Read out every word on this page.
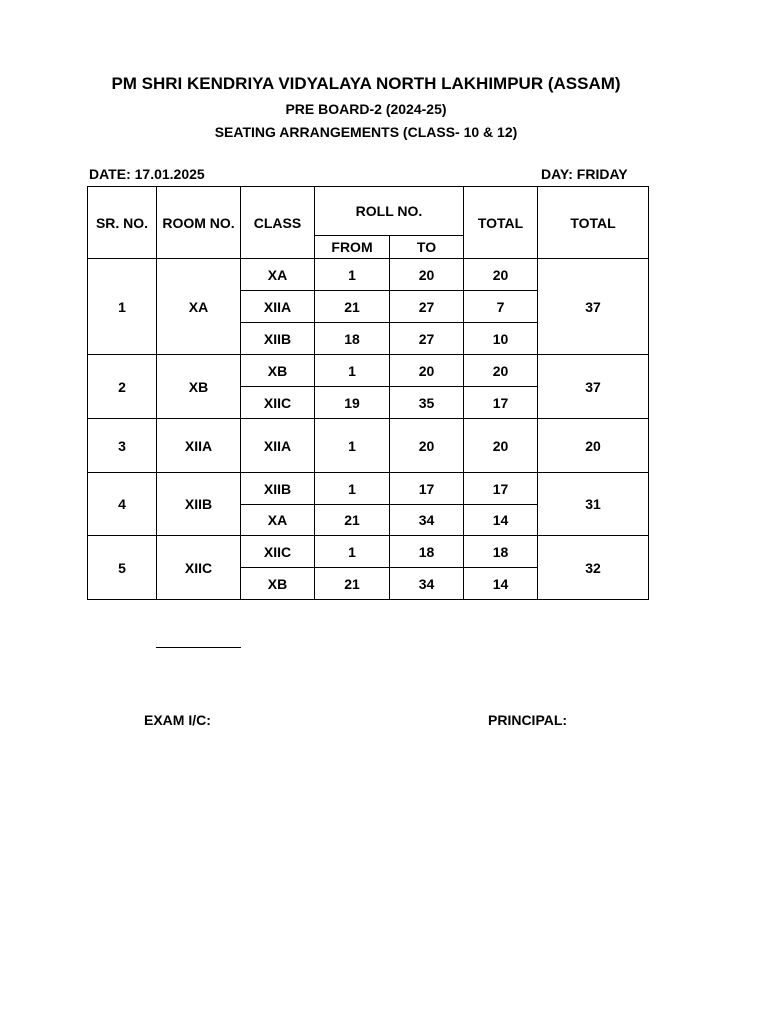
PM SHRI KENDRIYA VIDYALAYA NORTH LAKHIMPUR (ASSAM)
PRE BOARD-2 (2024-25)
SEATING ARRANGEMENTS (CLASS- 10 & 12)
DATE: 17.01.2025	DAY: FRIDAY
SR. NO.	ROOM NO.	CLASS	ROLL NO.		TOTAL	TOTAL
			FROM	TO		
1	XA	XA	1	20	20	37
		XIIA	21	27	7	
		XIIB	18	27	10	
2	XB	XB	1	20	20	37
		XIIC	19	35	17	
3	XIIA	XIIA	1	20	20	20
4	XIIB	XIIB	1	17	17	31
		XA	21	34	14	
5	XIIC	XIIC	1	18	18	32
		XB	21	34	14	
EXAM I/C:	PRINCIPAL:
